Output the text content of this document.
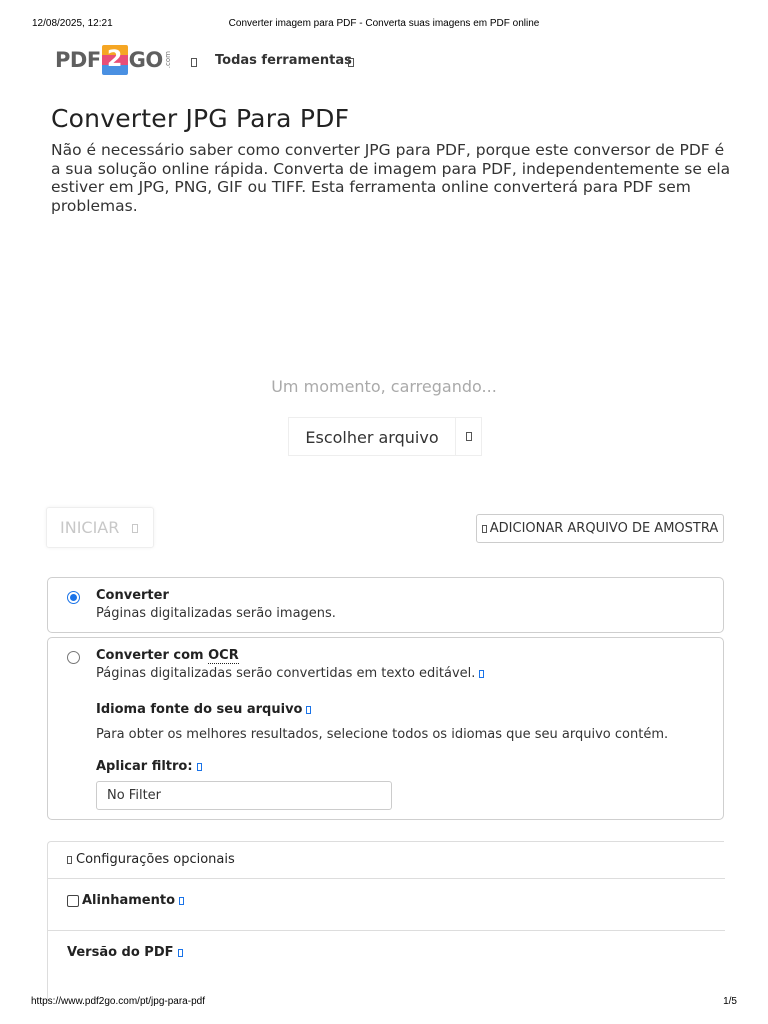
12/08/2025, 12:21	Converter imagem para PDF - Converta suas imagens em PDF online
PDF 2 GO .com	Todas ferramentas
Converter JPG Para PDF

Não é necessário saber como converter JPG para PDF, porque este conversor de PDF é a sua solução online rápida. Converta de imagem para PDF, independentemente se ela estiver em JPG, PNG, GIF ou TIFF. Esta ferramenta online converterá para PDF sem problemas.

Um momento, carregando...
Escolher arquivo
INICIAR	ADICIONAR ARQUIVO DE AMOSTRA
Converter
Páginas digitalizadas serão imagens.
Converter com OCR
Páginas digitalizadas serão convertidas em texto editável.
Idioma fonte do seu arquivo
Para obter os melhores resultados, selecione todos os idiomas que seu arquivo contém.
Aplicar filtro:
No Filter
Configurações opcionais
Alinhamento
Versão do PDF
https://www.pdf2go.com/pt/jpg-para-pdf	1/5
